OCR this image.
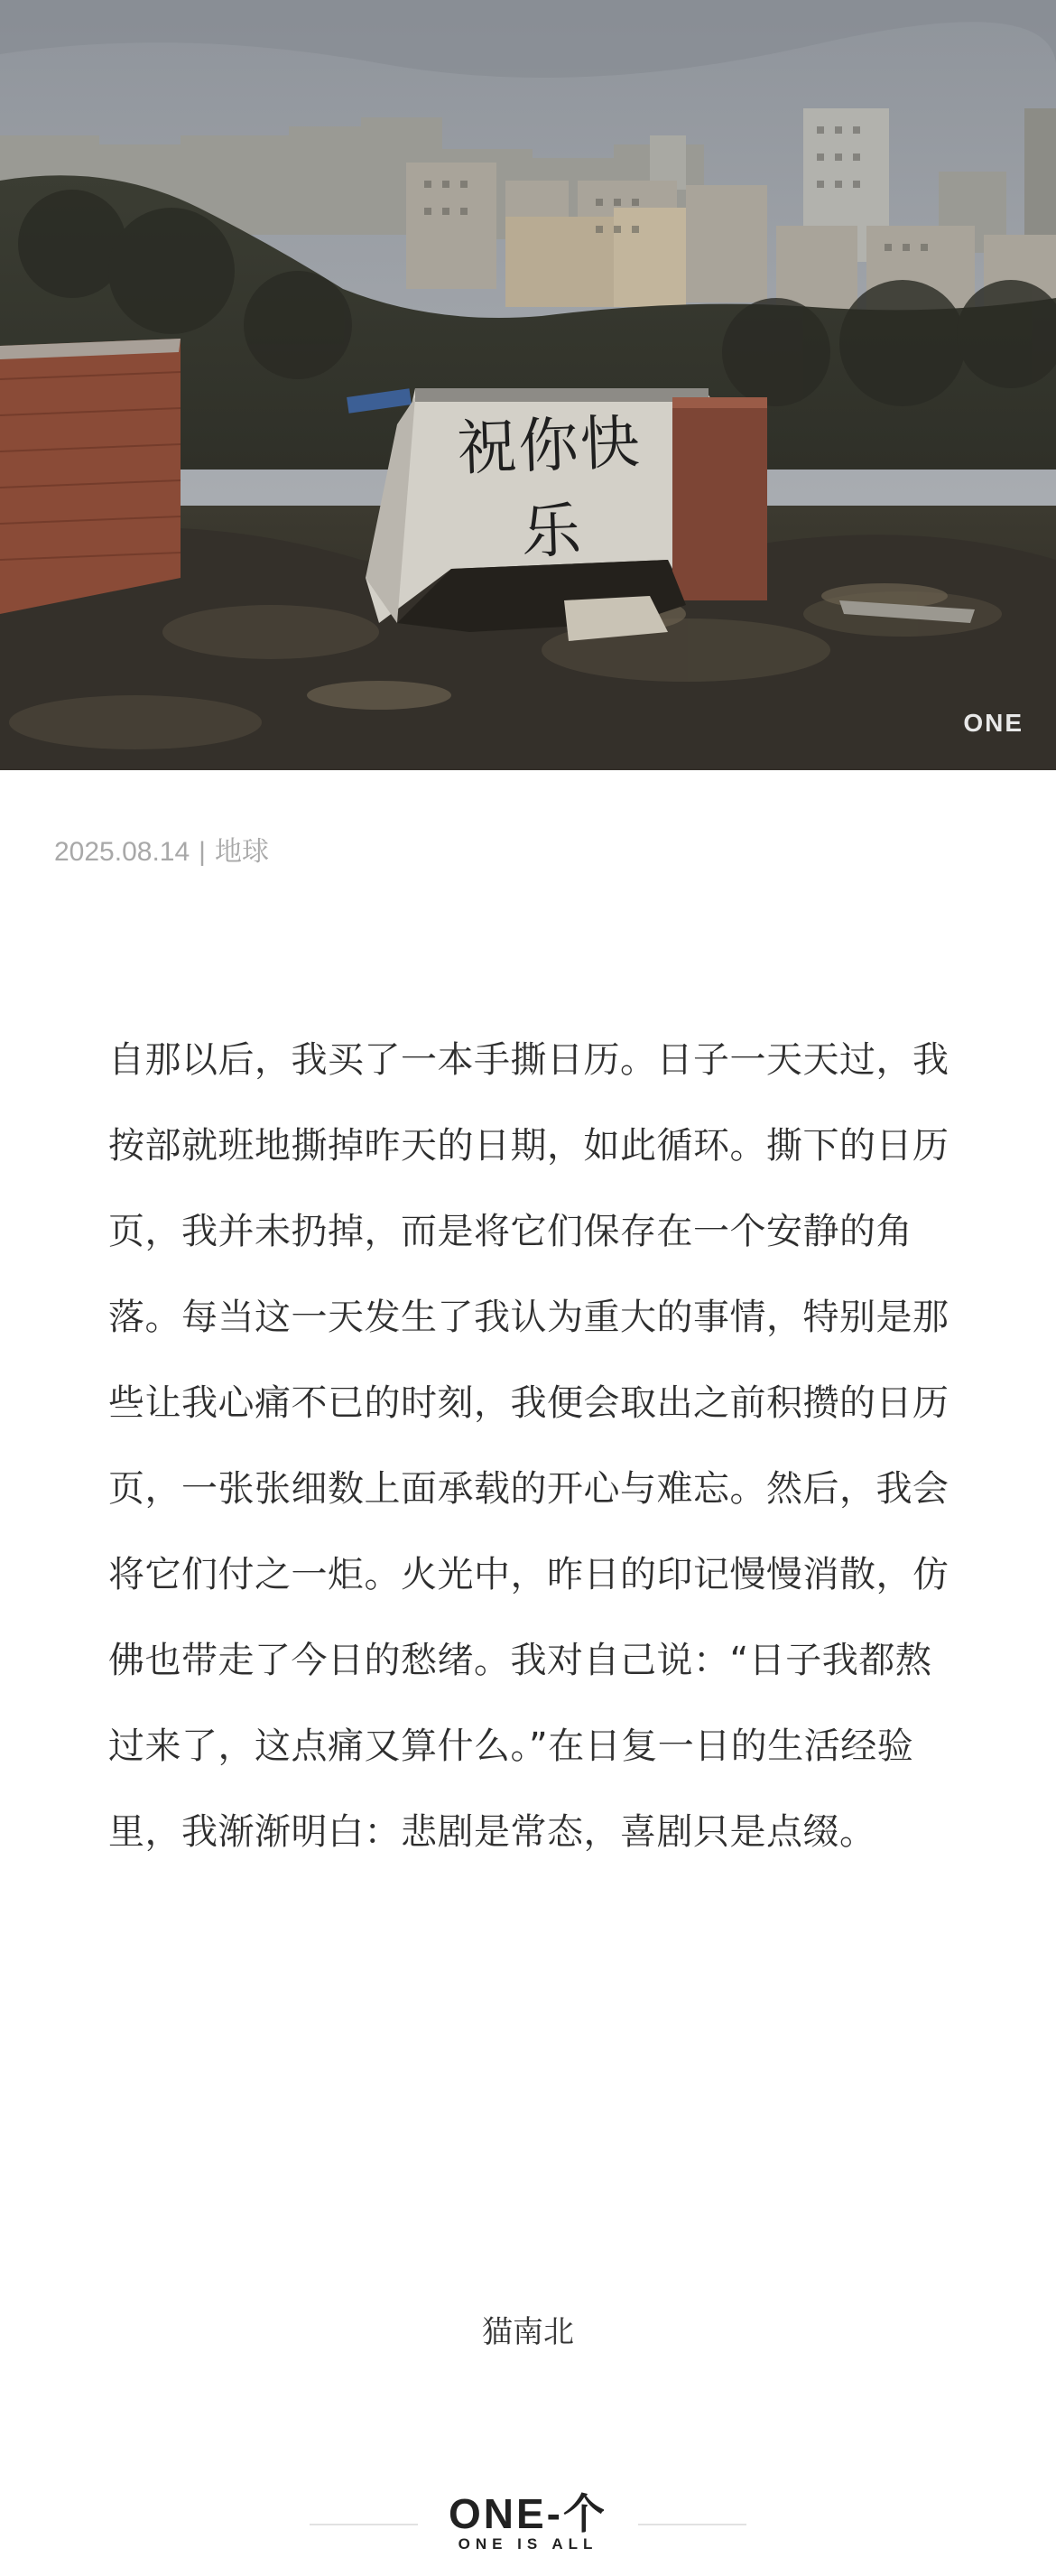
祝你快乐
ONE
2025.08.14 | 地球

自那以后，我买了一本手撕日历。日子一天天过，我按部就班地撕掉昨天的日期，如此循环。撕下的日历页，我并未扔掉，而是将它们保存在一个安静的角落。每当这一天发生了我认为重大的事情，特别是那些让我心痛不已的时刻，我便会取出之前积攒的日历页，一张张细数上面承载的开心与难忘。然后，我会将它们付之一炬。火光中，昨日的印记慢慢消散，仿佛也带走了今日的愁绪。我对自己说：“日子我都熬过来了，这点痛又算什么。”在日复一日的生活经验里，我渐渐明白：悲剧是常态，喜剧只是点缀。

猫南北
ONE-个
ONE IS ALL
